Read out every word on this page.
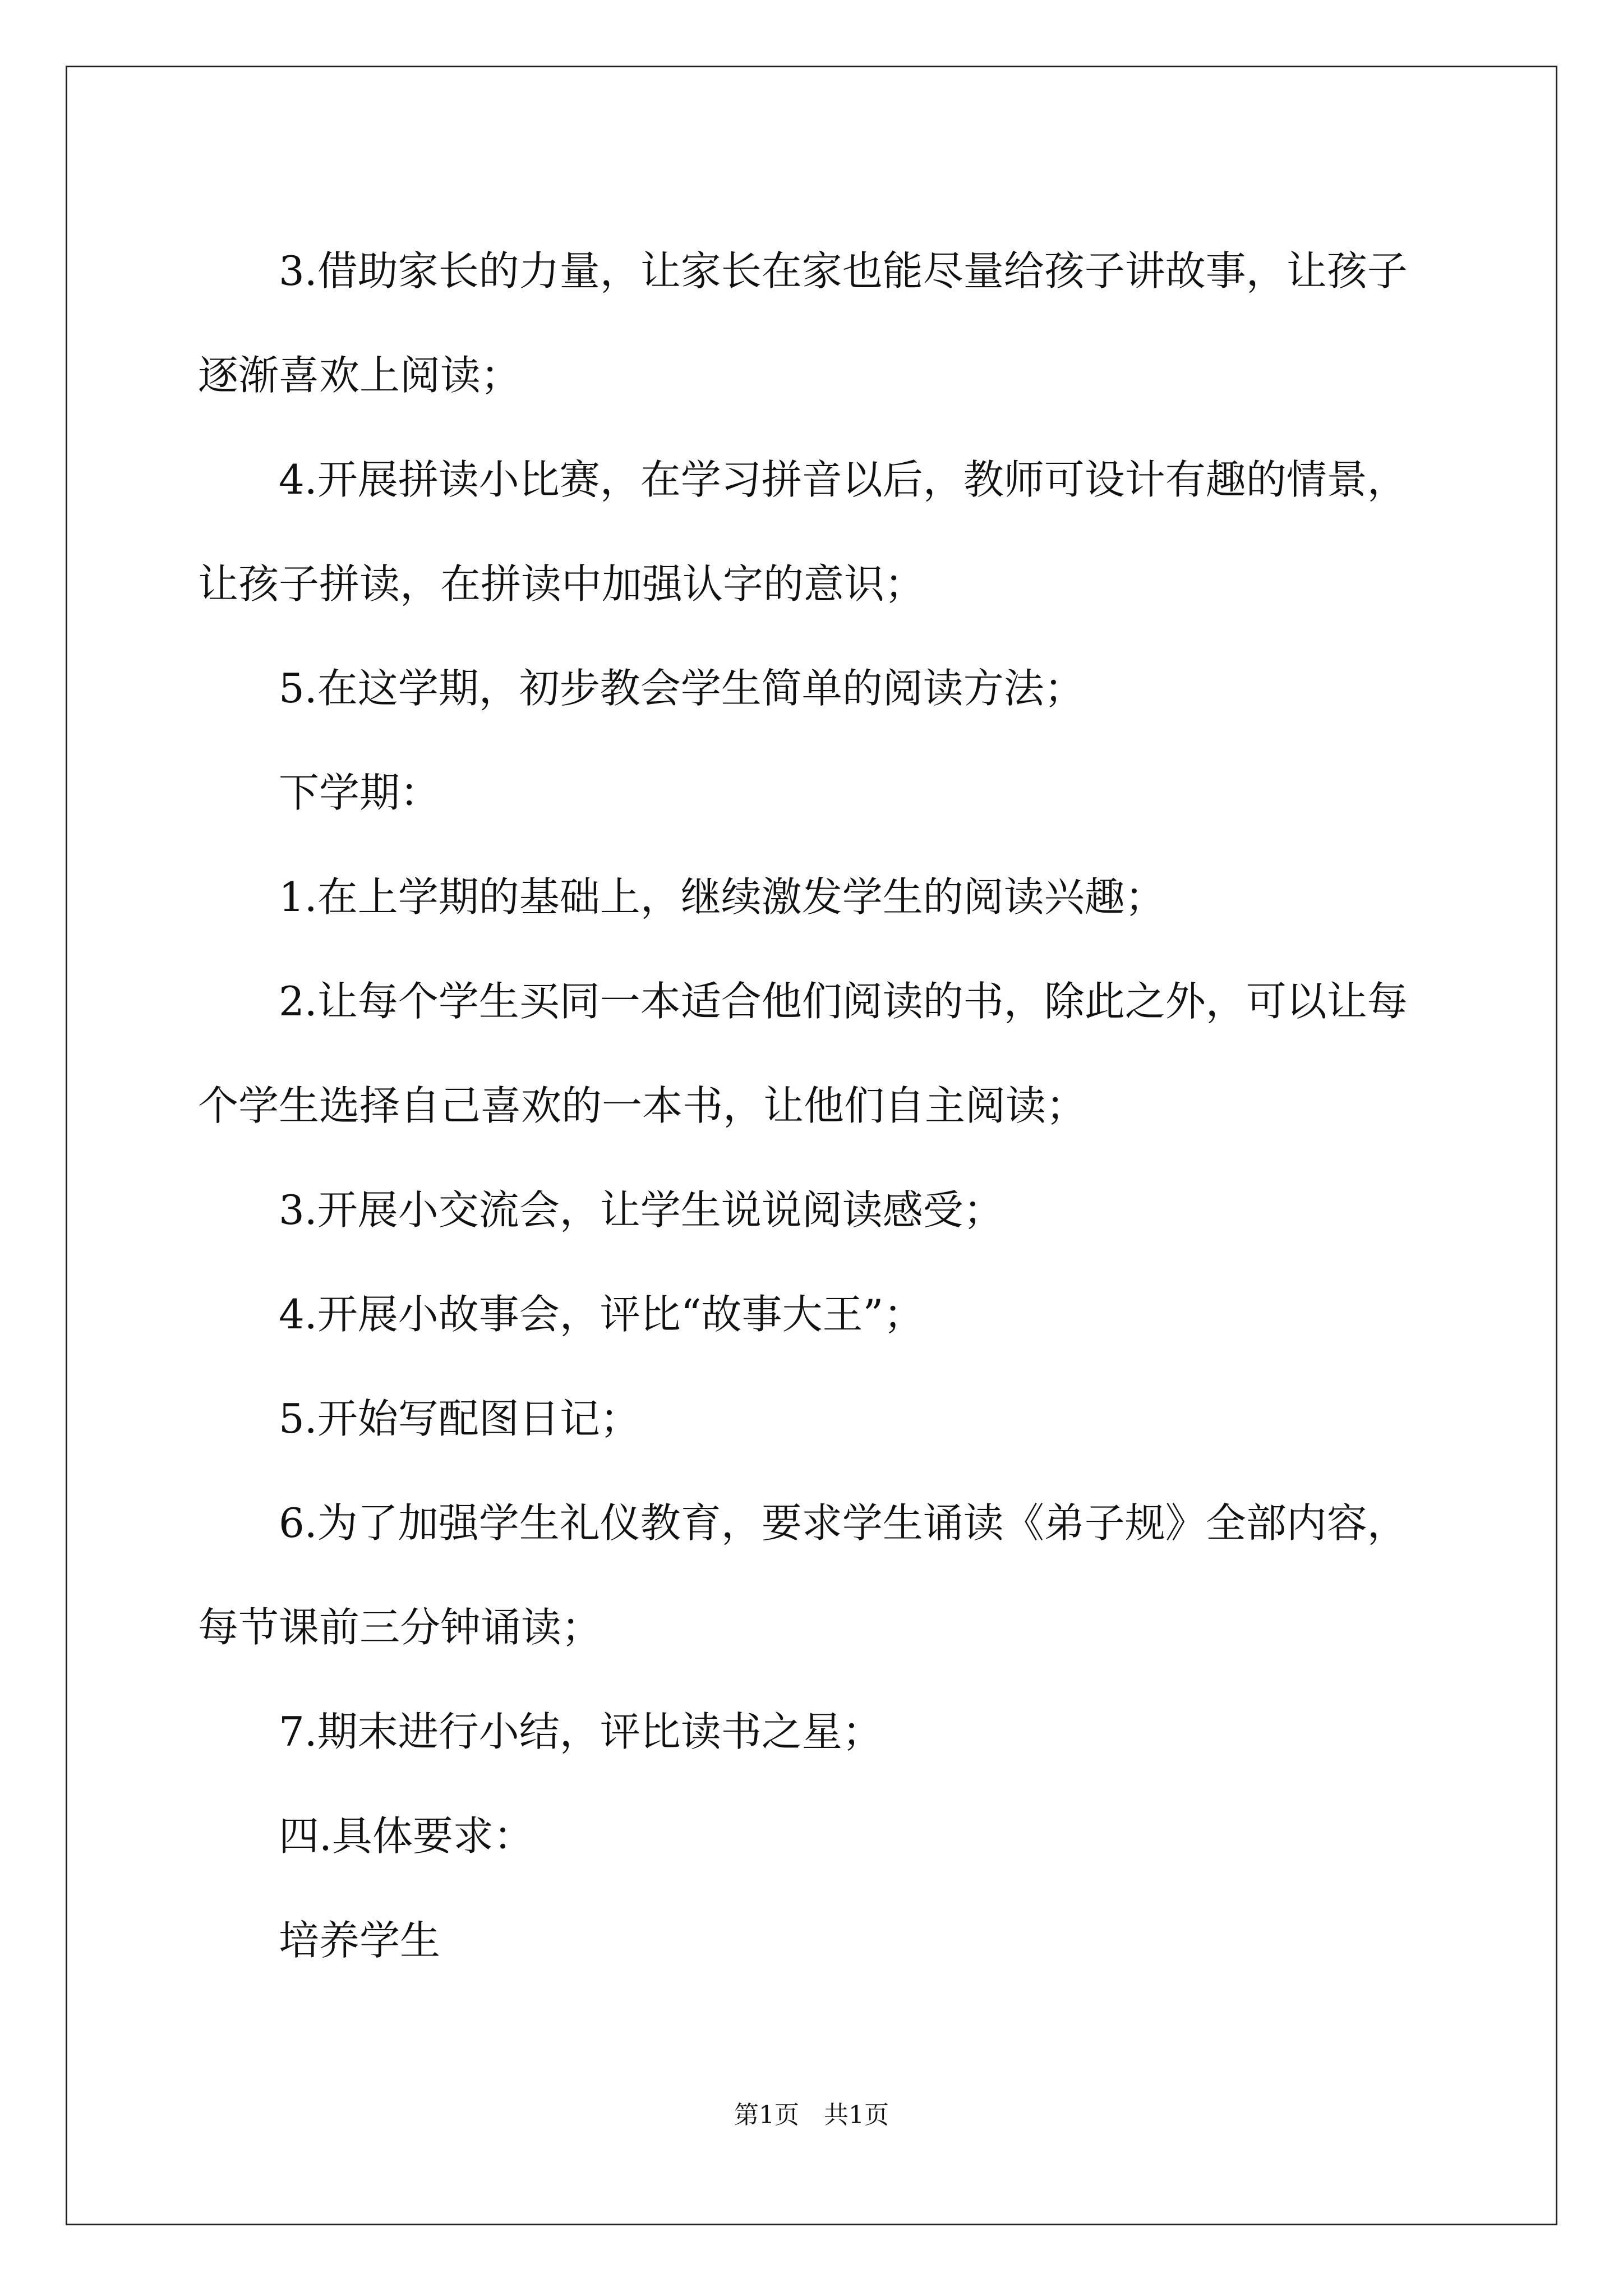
3.借助家长的力量，让家长在家也能尽量给孩子讲故事，让孩子逐渐喜欢上阅读；

4.开展拼读小比赛，在学习拼音以后，教师可设计有趣的情景，让孩子拼读，在拼读中加强认字的意识；

5.在这学期，初步教会学生简单的阅读方法；

下学期：

1.在上学期的基础上，继续激发学生的阅读兴趣；

2.让每个学生买同一本适合他们阅读的书，除此之外，可以让每个学生选择自己喜欢的一本书，让他们自主阅读；

3.开展小交流会，让学生说说阅读感受；

4.开展小故事会，评比“故事大王”；

5.开始写配图日记；

6.为了加强学生礼仪教育，要求学生诵读《弟子规》全部内容，每节课前三分钟诵读；

7.期末进行小结，评比读书之星；

四.具体要求：

培养学生

第1页　共1页
